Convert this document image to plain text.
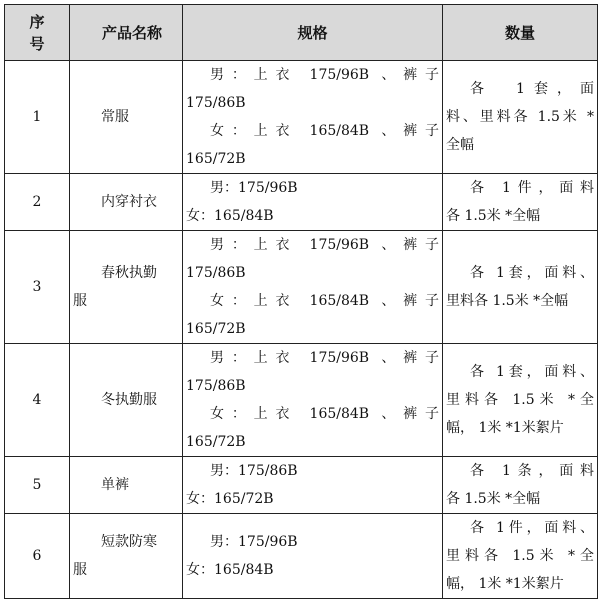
序
号	产品名称	规格	数量
1	常服	男：上衣 175/96B 、裤子
175/86B
女：上衣 165/84B 、裤子
165/72B	各　1套，面
料、里料各 1.5米 *
全幅

2	内穿衬衣	男：175/96B
女：165/84B	各 1件，面料
各 1.5米 *全幅

3	春秋执勤
服	男：上衣 175/96B 、裤子
175/86B
女：上衣 165/84B 、裤子
165/72B	各 1套，面料、
里料各 1.5米 *全幅

4	冬执勤服	男：上衣 175/96B 、裤子
175/86B
女：上衣 165/84B 、裤子
165/72B	各 1套，面料、
里料各 1.5米 *全
幅， 1米 *1米絮片

5	单裤	男：175/86B
女：165/72B	各 1条，面料
各 1.5米 *全幅

6	短款防寒
服	男：175/96B
女：165/84B	各 1件，面料、
里料各 1.5米 *全
幅， 1米 *1米絮片
